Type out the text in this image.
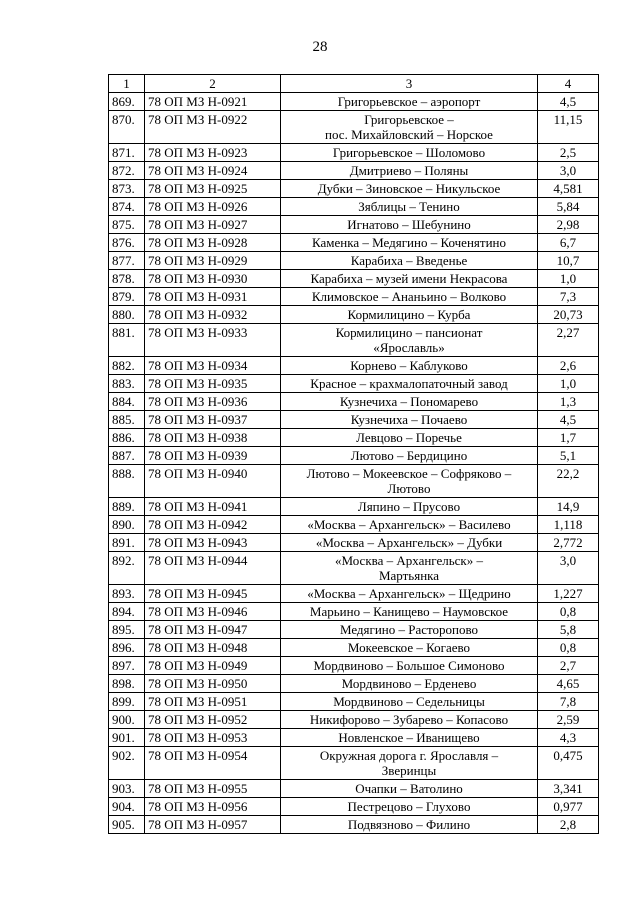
28
1	2	3	4
869.	78 ОП МЗ Н-0921	Григорьевское – аэропорт	4,5
870.	78 ОП МЗ Н-0922	Григорьевское –
пос. Михайловский – Норское	11,15
871.	78 ОП МЗ Н-0923	Григорьевское – Шоломово	2,5
872.	78 ОП МЗ Н-0924	Дмитриево – Поляны	3,0
873.	78 ОП МЗ Н-0925	Дубки – Зиновское – Никульское	4,581
874.	78 ОП МЗ Н-0926	Зяблицы – Тенино	5,84
875.	78 ОП МЗ Н-0927	Игнатово – Шебунино	2,98
876.	78 ОП МЗ Н-0928	Каменка – Медягино – Коченятино	6,7
877.	78 ОП МЗ Н-0929	Карабиха – Введенье	10,7
878.	78 ОП МЗ Н-0930	Карабиха – музей имени Некрасова	1,0
879.	78 ОП МЗ Н-0931	Климовское – Ананьино – Волково	7,3
880.	78 ОП МЗ Н-0932	Кормилицино – Курба	20,73
881.	78 ОП МЗ Н-0933	Кормилицино – пансионат
«Ярославль»	2,27
882.	78 ОП МЗ Н-0934	Корнево – Каблуково	2,6
883.	78 ОП МЗ Н-0935	Красное – крахмалопаточный завод	1,0
884.	78 ОП МЗ Н-0936	Кузнечиха – Пономарево	1,3
885.	78 ОП МЗ Н-0937	Кузнечиха – Почаево	4,5
886.	78 ОП МЗ Н-0938	Левцово – Поречье	1,7
887.	78 ОП МЗ Н-0939	Лютово – Бердицино	5,1
888.	78 ОП МЗ Н-0940	Лютово – Мокеевское – Софряково –
Лютово	22,2
889.	78 ОП МЗ Н-0941	Ляпино – Прусово	14,9
890.	78 ОП МЗ Н-0942	«Москва – Архангельск» – Василево	1,118
891.	78 ОП МЗ Н-0943	«Москва – Архангельск» – Дубки	2,772
892.	78 ОП МЗ Н-0944	«Москва – Архангельск» –
Мартьянка	3,0
893.	78 ОП МЗ Н-0945	«Москва – Архангельск» – Щедрино	1,227
894.	78 ОП МЗ Н-0946	Марьино – Канищево – Наумовское	0,8
895.	78 ОП МЗ Н-0947	Медягино – Расторопово	5,8
896.	78 ОП МЗ Н-0948	Мокеевское – Когаево	0,8
897.	78 ОП МЗ Н-0949	Мордвиново – Большое Симоново	2,7
898.	78 ОП МЗ Н-0950	Мордвиново – Ерденево	4,65
899.	78 ОП МЗ Н-0951	Мордвиново – Седельницы	7,8
900.	78 ОП МЗ Н-0952	Никифорово – Зубарево – Копасово	2,59
901.	78 ОП МЗ Н-0953	Новленское – Иванищево	4,3
902.	78 ОП МЗ Н-0954	Окружная дорога г. Ярославля –
Зверинцы	0,475
903.	78 ОП МЗ Н-0955	Очапки – Ватолино	3,341
904.	78 ОП МЗ Н-0956	Пестрецово – Глухово	0,977
905.	78 ОП МЗ Н-0957	Подвязново – Филино	2,8
